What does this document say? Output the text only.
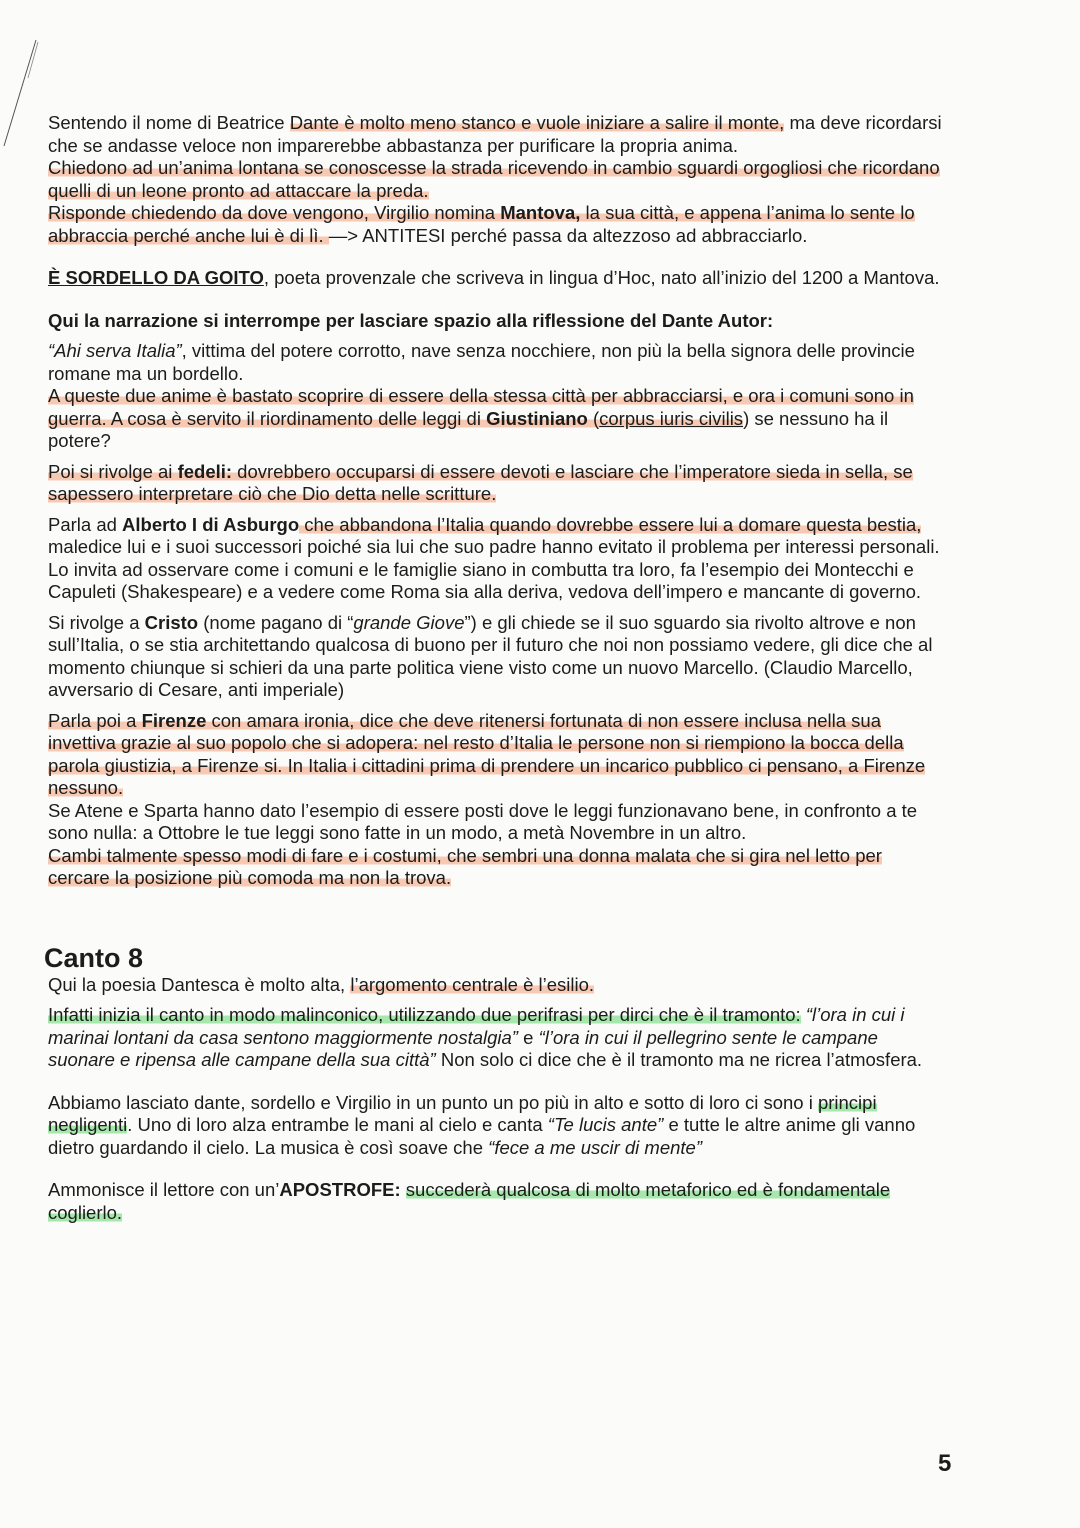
Sentendo il nome di Beatrice Dante è molto meno stanco e vuole iniziare a salire il monte, ma deve ricordarsi che se andasse veloce non imparerebbe abbastanza per purificare la propria anima.

Chiedono ad un’anima lontana se conoscesse la strada ricevendo in cambio sguardi orgogliosi che ricordano quelli di un leone pronto ad attaccare la preda.

Risponde chiedendo da dove vengono, Virgilio nomina Mantova, la sua città, e appena l’anima lo sente lo abbraccia perché anche lui è di lì. —> ANTITESI perché passa da altezzoso ad abbracciarlo.

È SORDELLO DA GOITO, poeta provenzale che scriveva in lingua d’Hoc, nato all’inizio del 1200 a Mantova.

Qui la narrazione si interrompe per lasciare spazio alla riflessione del Dante Autor:

“Ahi serva Italia”, vittima del potere corrotto, nave senza nocchiere, non più la bella signora delle provincie romane ma un bordello.

A queste due anime è bastato scoprire di essere della stessa città per abbracciarsi, e ora i comuni sono in guerra. A cosa è servito il riordinamento delle leggi di Giustiniano (corpus iuris civilis) se nessuno ha il potere?

Poi si rivolge ai fedeli: dovrebbero occuparsi di essere devoti e lasciare che l’imperatore sieda in sella, se sapessero interpretare ciò che Dio detta nelle scritture.

Parla ad Alberto I di Asburgo che abbandona l’Italia quando dovrebbe essere lui a domare questa bestia, maledice lui e i suoi successori poiché sia lui che suo padre hanno evitato il problema per interessi personali.

Lo invita ad osservare come i comuni e le famiglie siano in combutta tra loro, fa l’esempio dei Montecchi e Capuleti (Shakespeare) e a vedere come Roma sia alla deriva, vedova dell’impero e mancante di governo.

Si rivolge a Cristo (nome pagano di “grande Giove”) e gli chiede se il suo sguardo sia rivolto altrove e non sull’Italia, o se stia architettando qualcosa di buono per il futuro che noi non possiamo vedere, gli dice che al momento chiunque si schieri da una parte politica viene visto come un nuovo Marcello. (Claudio Marcello, avversario di Cesare, anti imperiale)

Parla poi a Firenze con amara ironia, dice che deve ritenersi fortunata di non essere inclusa nella sua invettiva grazie al suo popolo che si adopera: nel resto d’Italia le persone non si riempiono la bocca della parola giustizia, a Firenze si. In Italia i cittadini prima di prendere un incarico pubblico ci pensano, a Firenze nessuno.

Se Atene e Sparta hanno dato l’esempio di essere posti dove le leggi funzionavano bene, in confronto a te sono nulla: a Ottobre le tue leggi sono fatte in un modo, a metà Novembre in un altro.

Cambi talmente spesso modi di fare e i costumi, che sembri una donna malata che si gira nel letto per cercare la posizione più comoda ma non la trova.

Canto 8

Qui la poesia Dantesca è molto alta, l’argomento centrale è l’esilio.

Infatti inizia il canto in modo malinconico, utilizzando due perifrasi per dirci che è il tramonto: “l’ora in cui i marinai lontani da casa sentono maggiormente nostalgia” e “l’ora in cui il pellegrino sente le campane suonare e ripensa alle campane della sua città” Non solo ci dice che è il tramonto ma ne ricrea l’atmosfera.

Abbiamo lasciato dante, sordello e Virgilio in un punto un po più in alto e sotto di loro ci sono i principi negligenti. Uno di loro alza entrambe le mani al cielo e canta “Te lucis ante” e tutte le altre anime gli vanno dietro guardando il cielo. La musica è così soave che “fece a me uscir di mente”

Ammonisce il lettore con un’APOSTROFE: succederà qualcosa di molto metaforico ed è fondamentale coglierlo.

5
